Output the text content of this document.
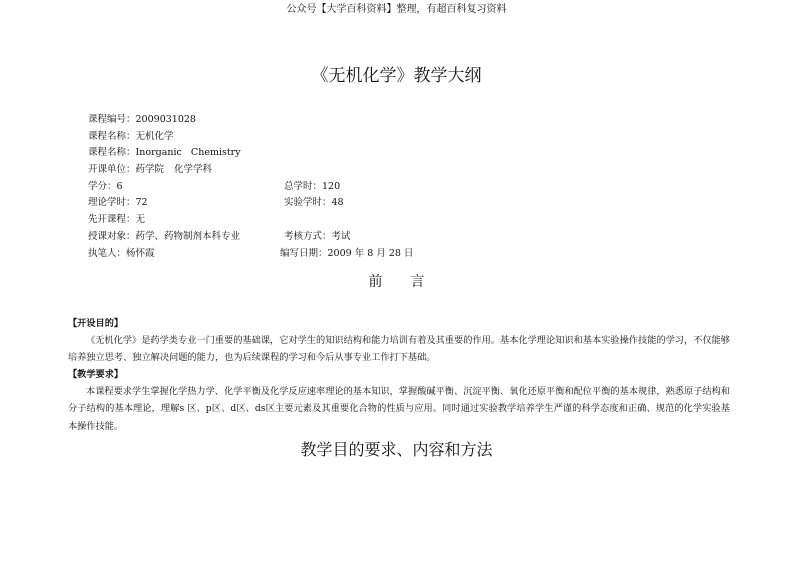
公众号【大学百科资料】整理，有超百科复习资料
《无机化学》教学大纲
课程编号：2009031028
课程名称：无机化学
课程名称：Inorganic   Chemistry
开课单位：药学院 化学学科
学分：6	总学时：120
理论学时：72	实验学时：48
先开课程：无
授课对象：药学、药物制剂本科专业	考核方式：考试
执笔人：杨怀霞	编写日期：2009 年 8 月 28 日
前 言

【开设目的】

《无机化学》是药学类专业一门重要的基础课，它对学生的知识结构和能力培训有着及其重要的作用。基本化学理论知识和基本实验操作技能的学习，不仅能够培养独立思考、独立解决问题的能力，也为后续课程的学习和今后从事专业工作打下基础。

【教学要求】

本课程要求学生掌握化学热力学、化学平衡及化学反应速率理论的基本知识，掌握酸碱平衡、沉淀平衡、氧化还原平衡和配位平衡的基本规律，熟悉原子结构和分子结构的基本理论，理解s 区、p区、d区、ds区主要元素及其重要化合物的性质与应用。同时通过实验教学培养学生严谨的科学态度和正确、规范的化学实验基本操作技能。

教学目的要求、内容和方法
